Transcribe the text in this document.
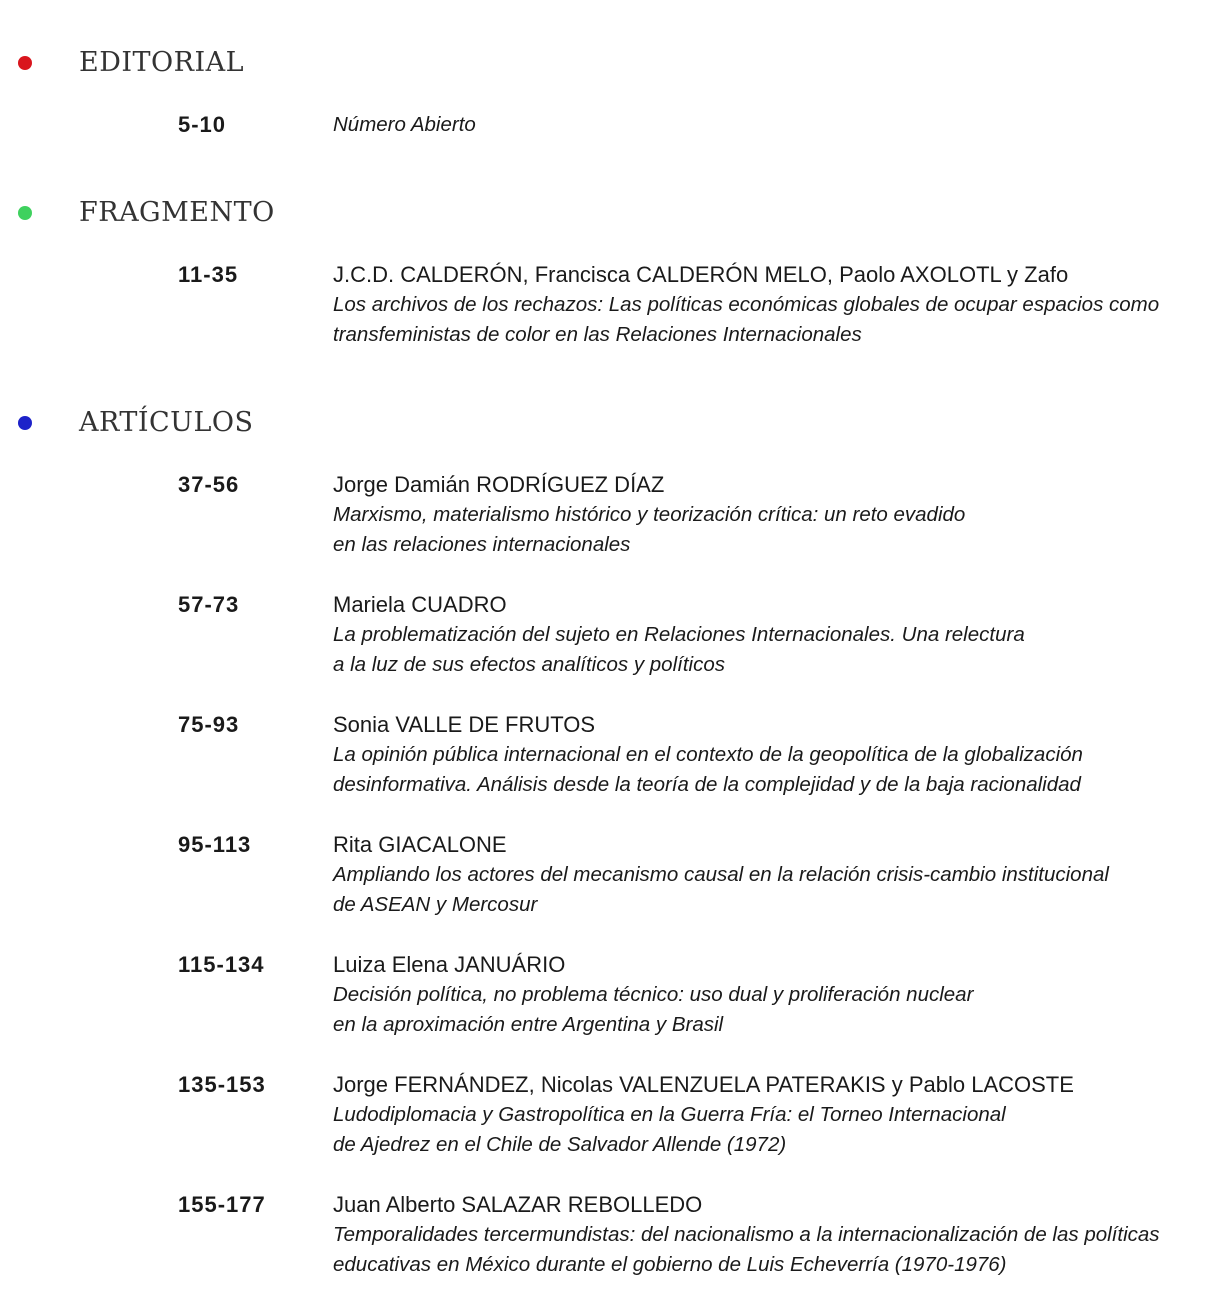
EDITORIAL
5-10	Número Abierto
FRAGMENTO
11-35	J.C.D. CALDERÓN, Francisca CALDERÓN MELO, Paolo AXOLOTL y Zafo
Los archivos de los rechazos: Las políticas económicas globales de ocupar espacios como
transfeministas de color en las Relaciones Internacionales
ARTÍCULOS
37-56	Jorge Damián RODRÍGUEZ DÍAZ
Marxismo, materialismo histórico y teorización crítica: un reto evadido
en las relaciones internacionales
57-73	Mariela CUADRO
La problematización del sujeto en Relaciones Internacionales. Una relectura
a la luz de sus efectos analíticos y políticos
75-93	Sonia VALLE DE FRUTOS
La opinión pública internacional en el contexto de la geopolítica de la globalización
desinformativa. Análisis desde la teoría de la complejidad y de la baja racionalidad
95-113	Rita GIACALONE
Ampliando los actores del mecanismo causal en la relación crisis-cambio institucional
de ASEAN y Mercosur
115-134	Luiza Elena JANUÁRIO
Decisión política, no problema técnico: uso dual y proliferación nuclear
en la aproximación entre Argentina y Brasil
135-153	Jorge FERNÁNDEZ, Nicolas VALENZUELA PATERAKIS y Pablo LACOSTE
Ludodiplomacia y Gastropolítica en la Guerra Fría: el Torneo Internacional
de Ajedrez en el Chile de Salvador Allende (1972)
155-177	Juan Alberto SALAZAR REBOLLEDO
Temporalidades tercermundistas: del nacionalismo a la internacionalización de las políticas
educativas en México durante el gobierno de Luis Echeverría (1970-1976)
